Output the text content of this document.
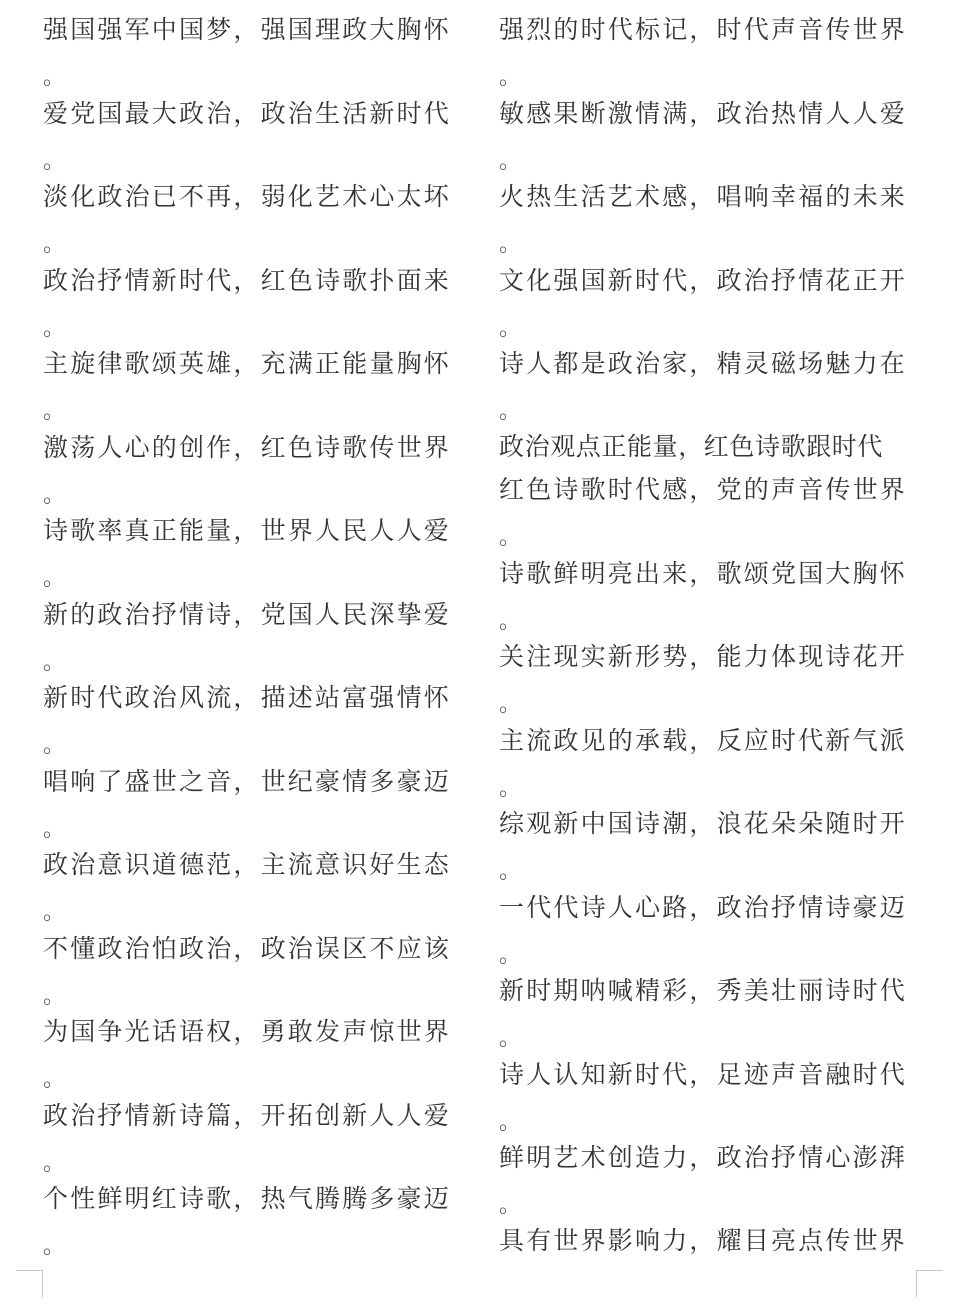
强国强军中国梦，强国理政大胸怀
。
爱党国最大政治，政治生活新时代
。
淡化政治已不再，弱化艺术心太坏
。
政治抒情新时代，红色诗歌扑面来
。
主旋律歌颂英雄，充满正能量胸怀
。
激荡人心的创作，红色诗歌传世界
。
诗歌率真正能量，世界人民人人爱
。
新的政治抒情诗，党国人民深挚爱
。
新时代政治风流，描述站富强情怀
。
唱响了盛世之音，世纪豪情多豪迈
。
政治意识道德范，主流意识好生态
。
不懂政治怕政治，政治误区不应该
。
为国争光话语权，勇敢发声惊世界
。
政治抒情新诗篇，开拓创新人人爱
。
个性鲜明红诗歌，热气腾腾多豪迈
。
强烈的时代标记，时代声音传世界
敏感果断激情满，政治热情人人爱
火热生活艺术感，唱响幸福的未来
文化强国新时代，政治抒情花正开
诗人都是政治家，精灵磁场魅力在
政治观点正能量，红色诗歌跟时代
红色诗歌时代感，党的声音传世界
诗歌鲜明亮出来，歌颂党国大胸怀
关注现实新形势，能力体现诗花开
主流政见的承载，反应时代新气派
综观新中国诗潮，浪花朵朵随时开
一代代诗人心路，政治抒情诗豪迈
新时期呐喊精彩，秀美壮丽诗时代
诗人认知新时代，足迹声音融时代
鲜明艺术创造力，政治抒情心澎湃
具有世界影响力，耀目亮点传世界
。
。
。
。
。
。
。
。
。
。
。
。
。
。
